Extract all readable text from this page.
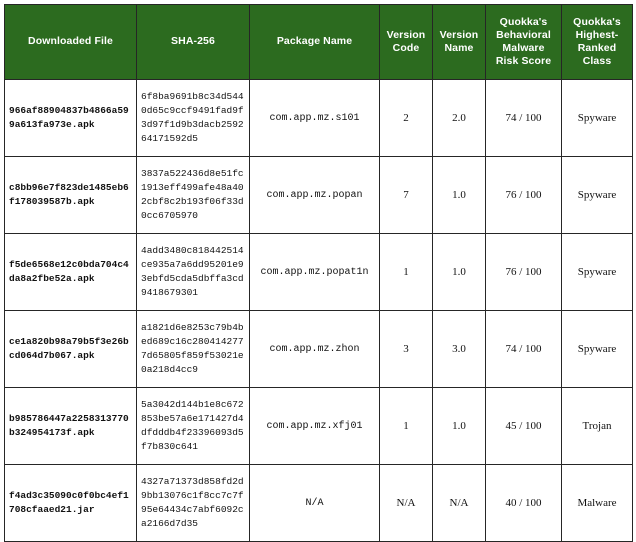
Downloaded File	SHA-256	Package Name	Version Code	Version Name	Quokka's Behavioral Malware Risk Score	Quokka's Highest-Ranked Class
966af88904837b4866a599a613fa973e.apk	6f8ba9691b8c34d5440d65c9ccf9491fad9f3d97f1d9b3dacb259264171592d5	com.app.mz.s101	2	2.0	74 / 100	Spyware
c8bb96e7f823de1485eb6f178039587b.apk	3837a522436d8e51fc1913eff499afe48a402cbf8c2b193f06f33d0cc6705970	com.app.mz.popan	7	1.0	76 / 100	Spyware
f5de6568e12c0bda704c4da8a2fbe52a.apk	4add3480c818442514ce935a7a6dd95201e93ebfd5cda5dbffa3cd9418679301	com.app.mz.popat1n	1	1.0	76 / 100	Spyware
ce1a820b98a79b5f3e26bcd064d7b067.apk	a1821d6e8253c79b4bed689c16c2804142777d65805f859f53021e0a218d4cc9	com.app.mz.zhon	3	3.0	74 / 100	Spyware
b985786447a2258313770b324954173f.apk	5a3042d144b1e8c672853be57a6e171427d4dfdddb4f23396093d5f7b830c641	com.app.mz.xfj01	1	1.0	45 / 100	Trojan
f4ad3c35090c0f0bc4ef1708cfaaed21.jar	4327a71373d858fd2d9bb13076c1f8cc7c7f95e64434c7abf6092ca2166d7d35	N/A	N/A	N/A	40 / 100	Malware
